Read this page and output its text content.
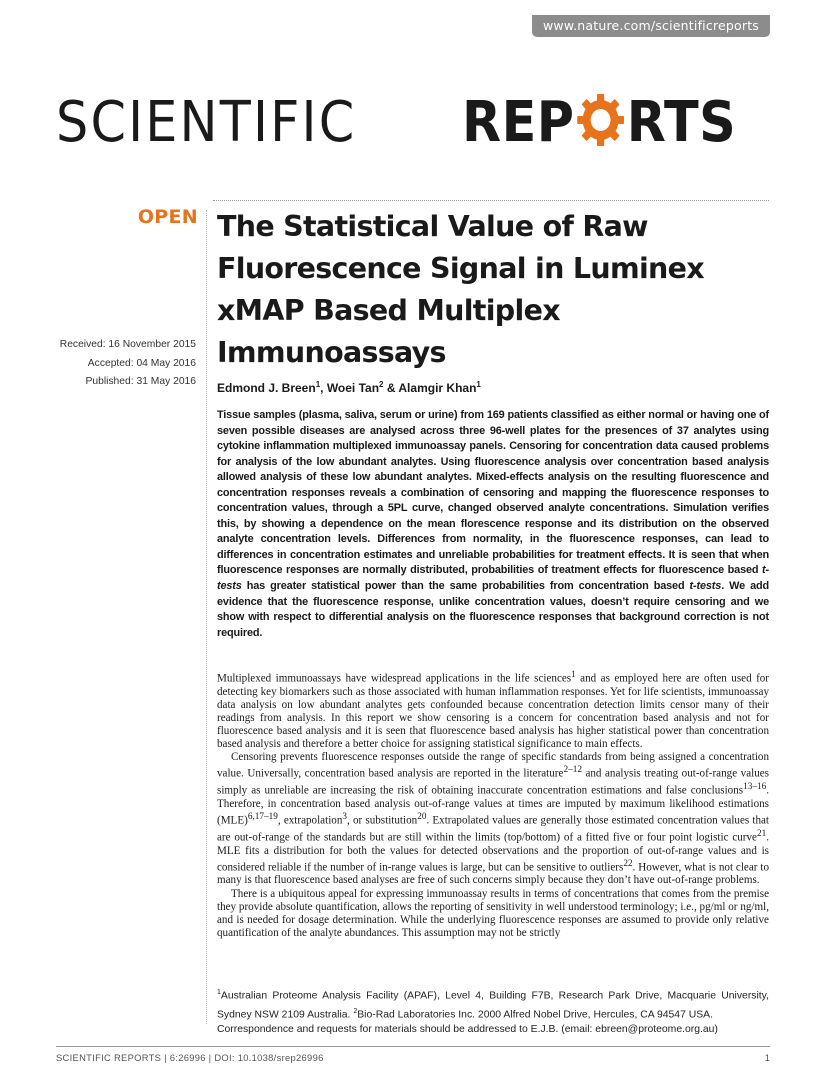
www.nature.com/scientificreports
SCIENTIFIC REP RTS
OPEN
Received: 16 November 2015
Accepted: 04 May 2016
Published: 31 May 2016
The Statistical Value of Raw Fluorescence Signal in Luminex xMAP Based Multiplex Immunoassays
Edmond J. Breen$^1$, Woei Tan$^2$ & Alamgir Khan$^1$
Tissue samples (plasma, saliva, serum or urine) from 169 patients classified as either normal or having one of seven possible diseases are analysed across three 96-well plates for the presences of 37 analytes using cytokine inflammation multiplexed immunoassay panels. Censoring for concentration data caused problems for analysis of the low abundant analytes. Using fluorescence analysis over concentration based analysis allowed analysis of these low abundant analytes. Mixed-effects analysis on the resulting fluorescence and concentration responses reveals a combination of censoring and mapping the fluorescence responses to concentration values, through a 5PL curve, changed observed analyte concentrations. Simulation verifies this, by showing a dependence on the mean florescence response and its distribution on the observed analyte concentration levels. Differences from normality, in the fluorescence responses, can lead to differences in concentration estimates and unreliable probabilities for treatment effects. It is seen that when fluorescence responses are normally distributed, probabilities of treatment effects for fluorescence based t-tests has greater statistical power than the same probabilities from concentration based t-tests. We add evidence that the fluorescence response, unlike concentration values, doesn’t require censoring and we show with respect to differential analysis on the fluorescence responses that background correction is not required.

Multiplexed immunoassays have widespread applications in the life sciences$^1$ and as employed here are often used for detecting key biomarkers such as those associated with human inflammation responses. Yet for life scientists, immunoassay data analysis on low abundant analytes gets confounded because concentration detection limits censor many of their readings from analysis. In this report we show censoring is a concern for concentration based analysis and not for fluorescence based analysis and it is seen that fluorescence based analysis has higher statistical power than concentration based analysis and therefore a better choice for assigning statistical significance to main effects.

Censoring prevents fluorescence responses outside the range of specific standards from being assigned a concentration value. Universally, concentration based analysis are reported in the literature$^{2-12}$ and analysis treating out-of-range values simply as unreliable are increasing the risk of obtaining inaccurate concentration estimations and false conclusions$^{13-16}$. Therefore, in concentration based analysis out-of-range values at times are imputed by maximum likelihood estimations (MLE)$^{6,17-19}$, extrapolation$^3$, or substitution$^{20}$. Extrapolated values are generally those estimated concentration values that are out-of-range of the standards but are still within the limits (top/bottom) of a fitted five or four point logistic curve$^{21}$. MLE fits a distribution for both the values for detected observations and the proportion of out-of-range values and is considered reliable if the number of in-range values is large, but can be sensitive to outliers$^{22}$. However, what is not clear to many is that fluorescence based analyses are free of such concerns simply because they don’t have out-of-range problems.

There is a ubiquitous appeal for expressing immunoassay results in terms of concentrations that comes from the premise they provide absolute quantification, allows the reporting of sensitivity in well understood terminology; i.e., pg/ml or ng/ml, and is needed for dosage determination. While the underlying fluorescence responses are assumed to provide only relative quantification of the analyte abundances. This assumption may not be strictly

$^1$Australian Proteome Analysis Facility (APAF), Level 4, Building F7B, Research Park Drive, Macquarie University, Sydney NSW 2109 Australia. $^2$Bio-Rad Laboratories Inc. 2000 Alfred Nobel Drive, Hercules, CA 94547 USA.
Correspondence and requests for materials should be addressed to E.J.B. (email: ebreen@proteome.org.au)
SCIENTIFIC REPORTS | 6:26996 | DOI: 10.1038/srep26996	1
